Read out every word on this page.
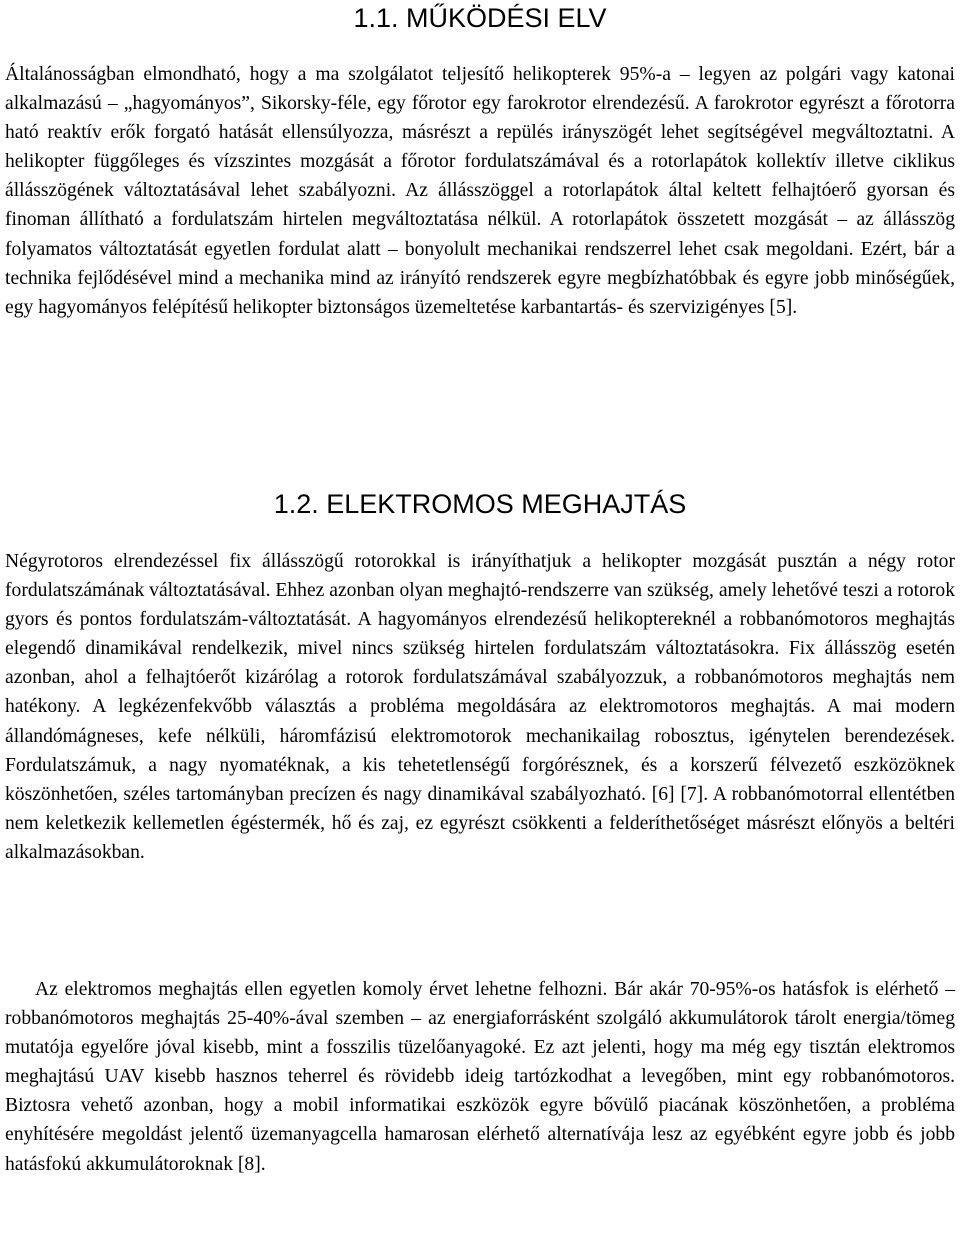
1.1. MŰKÖDÉSI ELV

Általánosságban elmondható, hogy a ma szolgálatot teljesítő helikopterek 95%-a – legyen az polgári vagy katonai alkalmazású – „hagyományos”, Sikorsky-féle, egy főrotor egy farokrotor elrendezésű. A farokrotor egyrészt a főrotorra ható reaktív erők forgató hatását ellensúlyozza, másrészt a repülés irányszögét lehet segítségével megváltoztatni. A helikopter függőleges és vízszintes mozgását a főrotor fordulatszámával és a rotorlapátok kollektív illetve ciklikus állásszögének változtatásával lehet szabályozni. Az állásszöggel a rotorlapátok által keltett felhajtóerő gyorsan és finoman állítható a fordulatszám hirtelen megváltoztatása nélkül. A rotorlapátok összetett mozgását – az állásszög folyamatos változtatását egyetlen fordulat alatt – bonyolult mechanikai rendszerrel lehet csak megoldani. Ezért, bár a technika fejlődésével mind a mechanika mind az irányító rendszerek egyre megbízhatóbbak és egyre jobb minőségűek, egy hagyományos felépítésű helikopter biztonságos üzemeltetése karbantartás- és szervizigényes [5].

1.2. ELEKTROMOS MEGHAJTÁS

Négyrotoros elrendezéssel fix állásszögű rotorokkal is irányíthatjuk a helikopter mozgását pusztán a négy rotor fordulatszámának változtatásával. Ehhez azonban olyan meghajtó-rendszerre van szükség, amely lehetővé teszi a rotorok gyors és pontos fordulatszám-változtatását. A hagyományos elrendezésű helikoptereknél a robbanómotoros meghajtás elegendő dinamikával rendelkezik, mivel nincs szükség hirtelen fordulatszám változtatásokra. Fix állásszög esetén azonban, ahol a felhajtóerőt kizárólag a rotorok fordulatszámával szabályozzuk, a robbanómotoros meghajtás nem hatékony. A legkézenfekvőbb választás a probléma megoldására az elektromotoros meghajtás. A mai modern állandómágneses, kefe nélküli, háromfázisú elektromotorok mechanikailag robosztus, igénytelen berendezések. Fordulatszámuk, a nagy nyomatéknak, a kis tehetetlenségű forgórésznek, és a korszerű félvezető eszközöknek köszönhetően, széles tartományban precízen és nagy dinamikával szabályozható. [6] [7]. A robbanómotorral ellentétben nem keletkezik kellemetlen égéstermék, hő és zaj, ez egyrészt csökkenti a felderíthetőséget másrészt előnyös a beltéri alkalmazásokban.

Az elektromos meghajtás ellen egyetlen komoly érvet lehetne felhozni. Bár akár 70-95%-os hatásfok is elérhető – robbanómotoros meghajtás 25-40%-ával szemben – az energiaforrásként szolgáló akkumulátorok tárolt energia/tömeg mutatója egyelőre jóval kisebb, mint a fosszilis tüzelőanyagoké. Ez azt jelenti, hogy ma még egy tisztán elektromos meghajtású UAV kisebb hasznos teherrel és rövidebb ideig tartózkodhat a levegőben, mint egy robbanómotoros. Biztosra vehető azonban, hogy a mobil informatikai eszközök egyre bővülő piacának köszönhetően, a probléma enyhítésére megoldást jelentő üzemanyagcella hamarosan elérhető alternatívája lesz az egyébként egyre jobb és jobb hatásfokú akkumulátoroknak [8].
